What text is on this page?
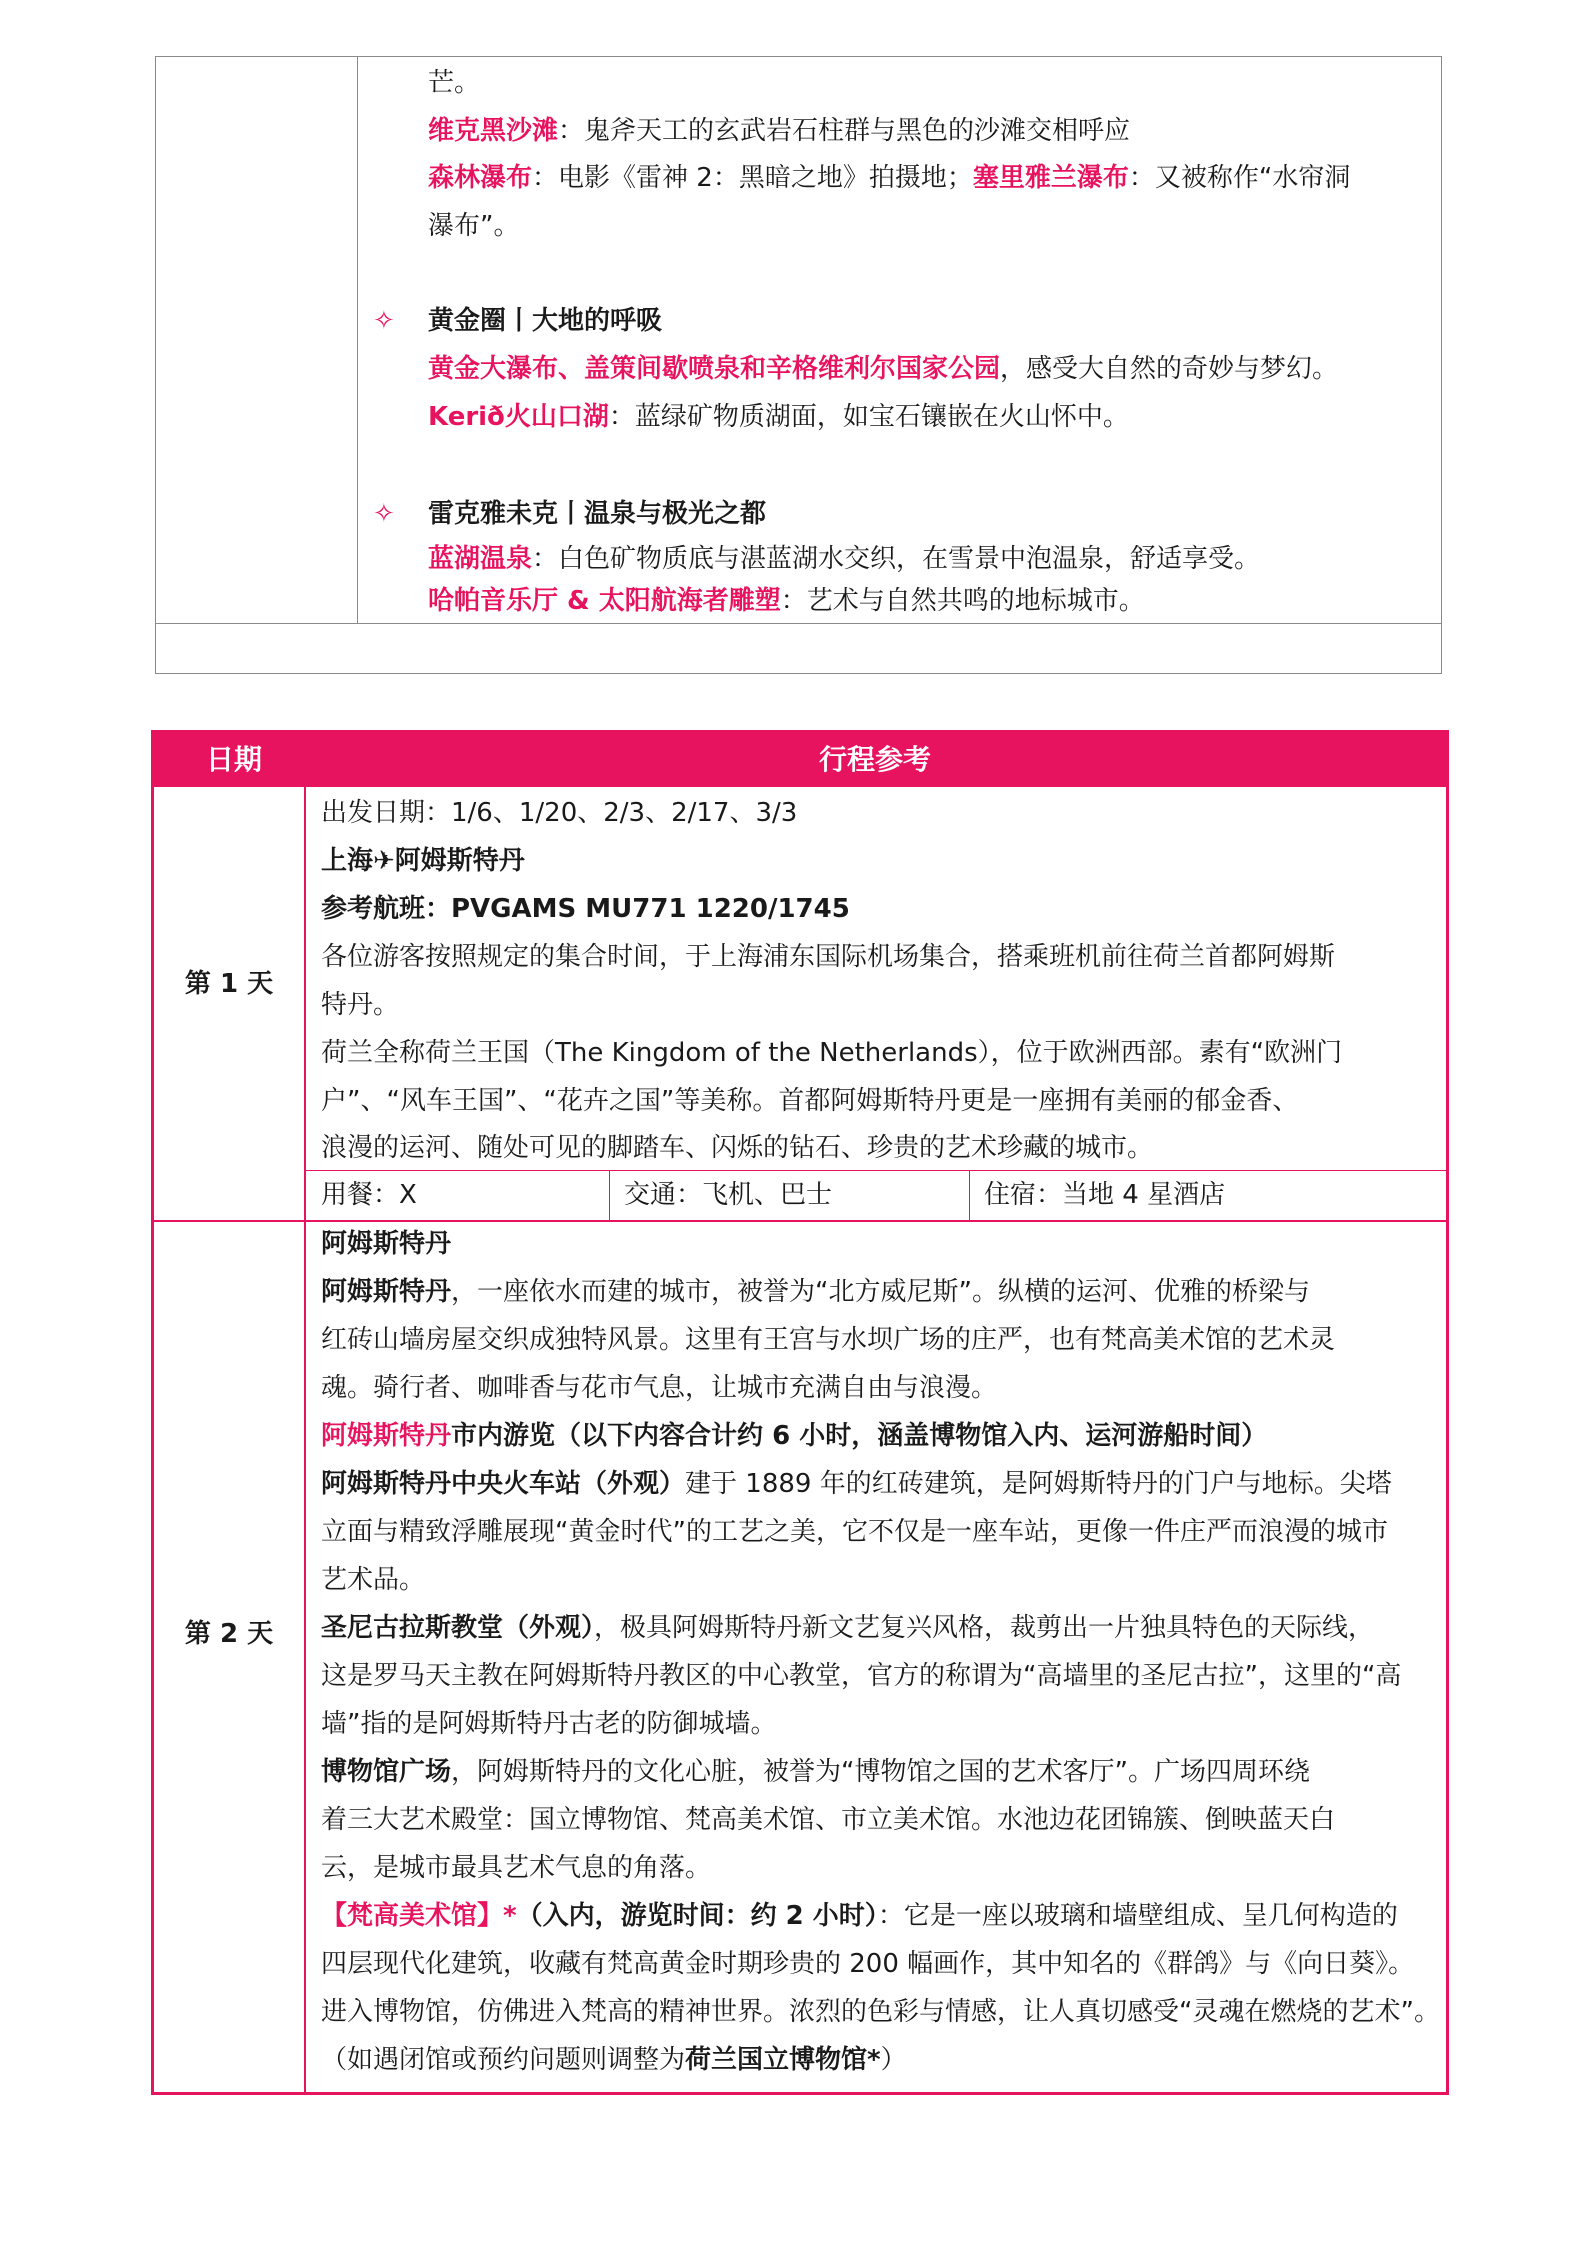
芒。
维克黑沙滩：鬼斧天工的玄武岩石柱群与黑色的沙滩交相呼应
森林瀑布：电影《雷神 2：黑暗之地》拍摄地；塞里雅兰瀑布：又被称作“水帘洞
瀑布”。
✧ 黄金圈丨大地的呼吸
黄金大瀑布、盖策间歇喷泉和辛格维利尔国家公园，感受大自然的奇妙与梦幻。
Kerið火山口湖：蓝绿矿物质湖面，如宝石镶嵌在火山怀中。
✧ 雷克雅未克丨温泉与极光之都
蓝湖温泉：白色矿物质底与湛蓝湖水交织，在雪景中泡温泉，舒适享受。
哈帕音乐厅 & 太阳航海者雕塑：艺术与自然共鸣的地标城市。
日期	行程参考
第 1 天
出发日期：1/6、1/20、2/3、2/17、3/3
上海✈阿姆斯特丹
参考航班：PVGAMS MU771 1220/1745
各位游客按照规定的集合时间，于上海浦东国际机场集合，搭乘班机前往荷兰首都阿姆斯
特丹。
荷兰全称荷兰王国（The Kingdom of the Netherlands），位于欧洲西部。素有“欧洲门
户”、“风车王国”、“花卉之国”等美称。首都阿姆斯特丹更是一座拥有美丽的郁金香、
浪漫的运河、随处可见的脚踏车、闪烁的钻石、珍贵的艺术珍藏的城市。
用餐：X	交通：飞机、巴士	住宿：当地 4 星酒店
第 2 天
阿姆斯特丹
阿姆斯特丹，一座依水而建的城市，被誉为“北方威尼斯”。纵横的运河、优雅的桥梁与
红砖山墙房屋交织成独特风景。这里有王宫与水坝广场的庄严，也有梵高美术馆的艺术灵
魂。骑行者、咖啡香与花市气息，让城市充满自由与浪漫。
阿姆斯特丹市内游览（以下内容合计约 6 小时，涵盖博物馆入内、运河游船时间）
阿姆斯特丹中央火车站（外观）建于 1889 年的红砖建筑，是阿姆斯特丹的门户与地标。尖塔
立面与精致浮雕展现“黄金时代”的工艺之美，它不仅是一座车站，更像一件庄严而浪漫的城市
艺术品。
圣尼古拉斯教堂（外观），极具阿姆斯特丹新文艺复兴风格，裁剪出一片独具特色的天际线，
这是罗马天主教在阿姆斯特丹教区的中心教堂，官方的称谓为“高墙里的圣尼古拉”，这里的“高
墙”指的是阿姆斯特丹古老的防御城墙。
博物馆广场，阿姆斯特丹的文化心脏，被誉为“博物馆之国的艺术客厅”。广场四周环绕
着三大艺术殿堂：国立博物馆、梵高美术馆、市立美术馆。水池边花团锦簇、倒映蓝天白
云，是城市最具艺术气息的角落。
【梵高美术馆】*（入内，游览时间：约 2 小时）：它是一座以玻璃和墙壁组成、呈几何构造的
四层现代化建筑，收藏有梵高黄金时期珍贵的 200 幅画作，其中知名的《群鸽》与《向日葵》。
进入博物馆，仿佛进入梵高的精神世界。浓烈的色彩与情感，让人真切感受“灵魂在燃烧的艺术”。
（如遇闭馆或预约问题则调整为荷兰国立博物馆*）
